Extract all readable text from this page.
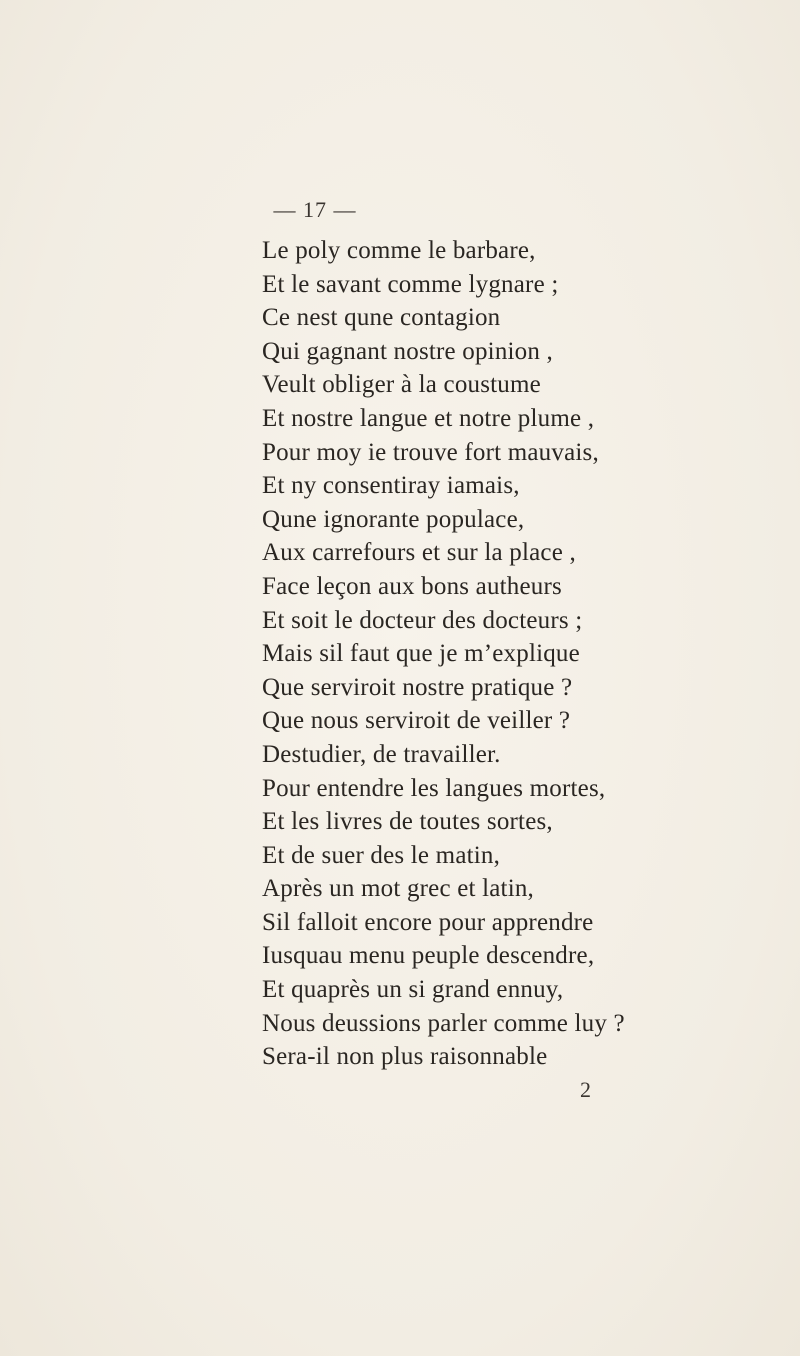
— 17 —
Le poly comme le barbare,
Et le savant comme lygnare ;
Ce nest qune contagion
Qui gagnant nostre opinion ,
Veult obliger à la coustume
Et nostre langue et notre plume ,
Pour moy ie trouve fort mauvais,
Et ny consentiray iamais,
Qune ignorante populace,
Aux carrefours et sur la place ,
Face leçon aux bons autheurs
Et soit le docteur des docteurs ;
Mais sil faut que je m’explique
Que serviroit nostre pratique ?
Que nous serviroit de veiller ?
Destudier, de travailler.
Pour entendre les langues mortes,
Et les livres de toutes sortes,
Et de suer des le matin,
Après un mot grec et latin,
Sil falloit encore pour apprendre
Iusquau menu peuple descendre,
Et quaprès un si grand ennuy,
Nous deussions parler comme luy ?
Sera-il non plus raisonnable
2
